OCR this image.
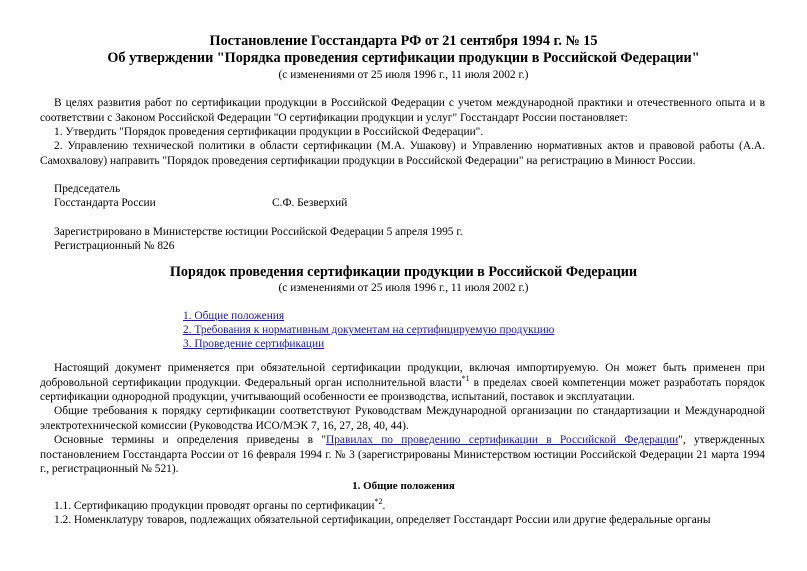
Постановление Госстандарта РФ от 21 сентября 1994 г. № 15
Об утверждении "Порядка проведения сертификации продукции в Российской Федерации"
(с изменениями от 25 июля 1996 г., 11 июля 2002 г.)
В целях развития работ по сертификации продукции в Российской Федерации с учетом международной практики и отечественного опыта и в соответствии с Законом Российской Федерации "О сертификации продукции и услуг" Госстандарт России постановляет:
1. Утвердить "Порядок проведения сертификации продукции в Российской Федерации".
2. Управлению технической политики в области сертификации (М.А. Ушакову) и Управлению нормативных актов и правовой работы (А.А. Самохвалову) направить "Порядок проведения сертификации продукции в Российской Федерации" на регистрацию в Минюст России.
Председатель
Госстандарта России	С.Ф. Безверхий
Зарегистрировано в Министерстве юстиции Российской Федерации 5 апреля 1995 г.
Регистрационный № 826
Порядок проведения сертификации продукции в Российской Федерации
(с изменениями от 25 июля 1996 г., 11 июля 2002 г.)
1. Общие положения
2. Требования к нормативным документам на сертифицируемую продукцию
3. Проведение сертификации
Настоящий документ применяется при обязательной сертификации продукции, включая импортируемую. Он может быть применен при добровольной сертификации продукции. Федеральный орган исполнительной власти$^{*1}$ в пределах своей компетенции может разработать порядок сертификации однородной продукции, учитывающий особенности ее производства, испытаний, поставок и эксплуатации.
Общие требования к порядку сертификации соответствуют Руководствам Международной организации по стандартизации и Международной электротехнической комиссии (Руководства ИСО/МЭК 7, 16, 27, 28, 40, 44).
Основные термины и определения приведены в "Правилах по проведению сертификации в Российской Федерации", утвержденных постановлением Госстандарта России от 16 февраля 1994 г. № 3 (зарегистрированы Министерством юстиции Российской Федерации 21 марта 1994 г., регистрационный № 521).
1. Общие положения
1.1. Сертификацию продукции проводят органы по сертификации$^{*2}$.
1.2. Номенклатуру товаров, подлежащих обязательной сертификации, определяет Госстандарт России или другие федеральные органы
